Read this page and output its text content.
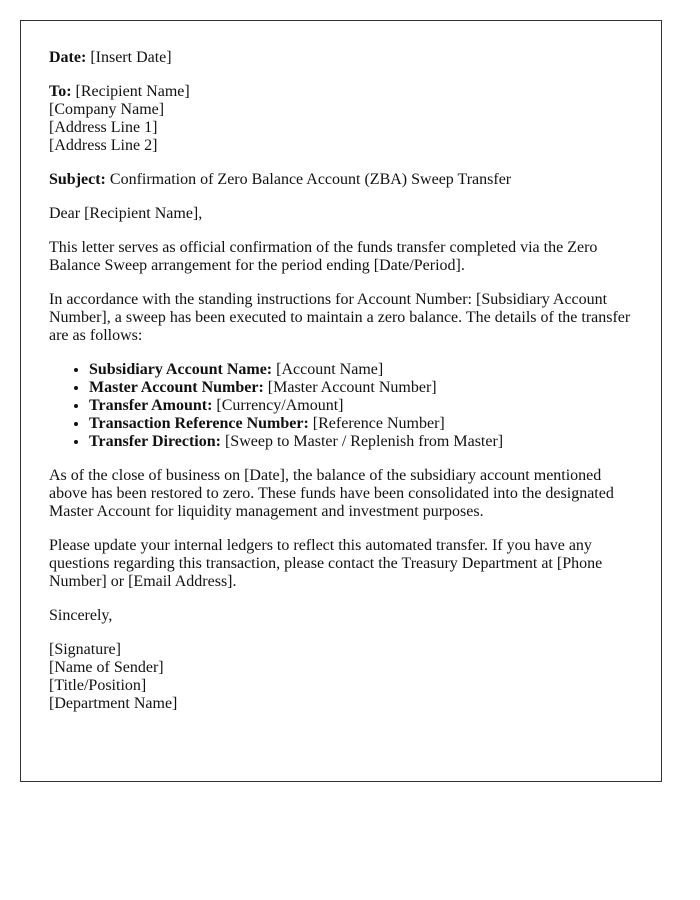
Date: [Insert Date]

To: [Recipient Name]
[Company Name]
[Address Line 1]
[Address Line 2]

Subject: Confirmation of Zero Balance Account (ZBA) Sweep Transfer

Dear [Recipient Name],

This letter serves as official confirmation of the funds transfer completed via the Zero Balance Sweep arrangement for the period ending [Date/Period].

In accordance with the standing instructions for Account Number: [Subsidiary Account Number], a sweep has been executed to maintain a zero balance. The details of the transfer are as follows:

• Subsidiary Account Name: [Account Name]
• Master Account Number: [Master Account Number]
• Transfer Amount: [Currency/Amount]
• Transaction Reference Number: [Reference Number]
• Transfer Direction: [Sweep to Master / Replenish from Master]

As of the close of business on [Date], the balance of the subsidiary account mentioned above has been restored to zero. These funds have been consolidated into the designated Master Account for liquidity management and investment purposes.

Please update your internal ledgers to reflect this automated transfer. If you have any questions regarding this transaction, please contact the Treasury Department at [Phone Number] or [Email Address].

Sincerely,

[Signature]
[Name of Sender]
[Title/Position]
[Department Name]
